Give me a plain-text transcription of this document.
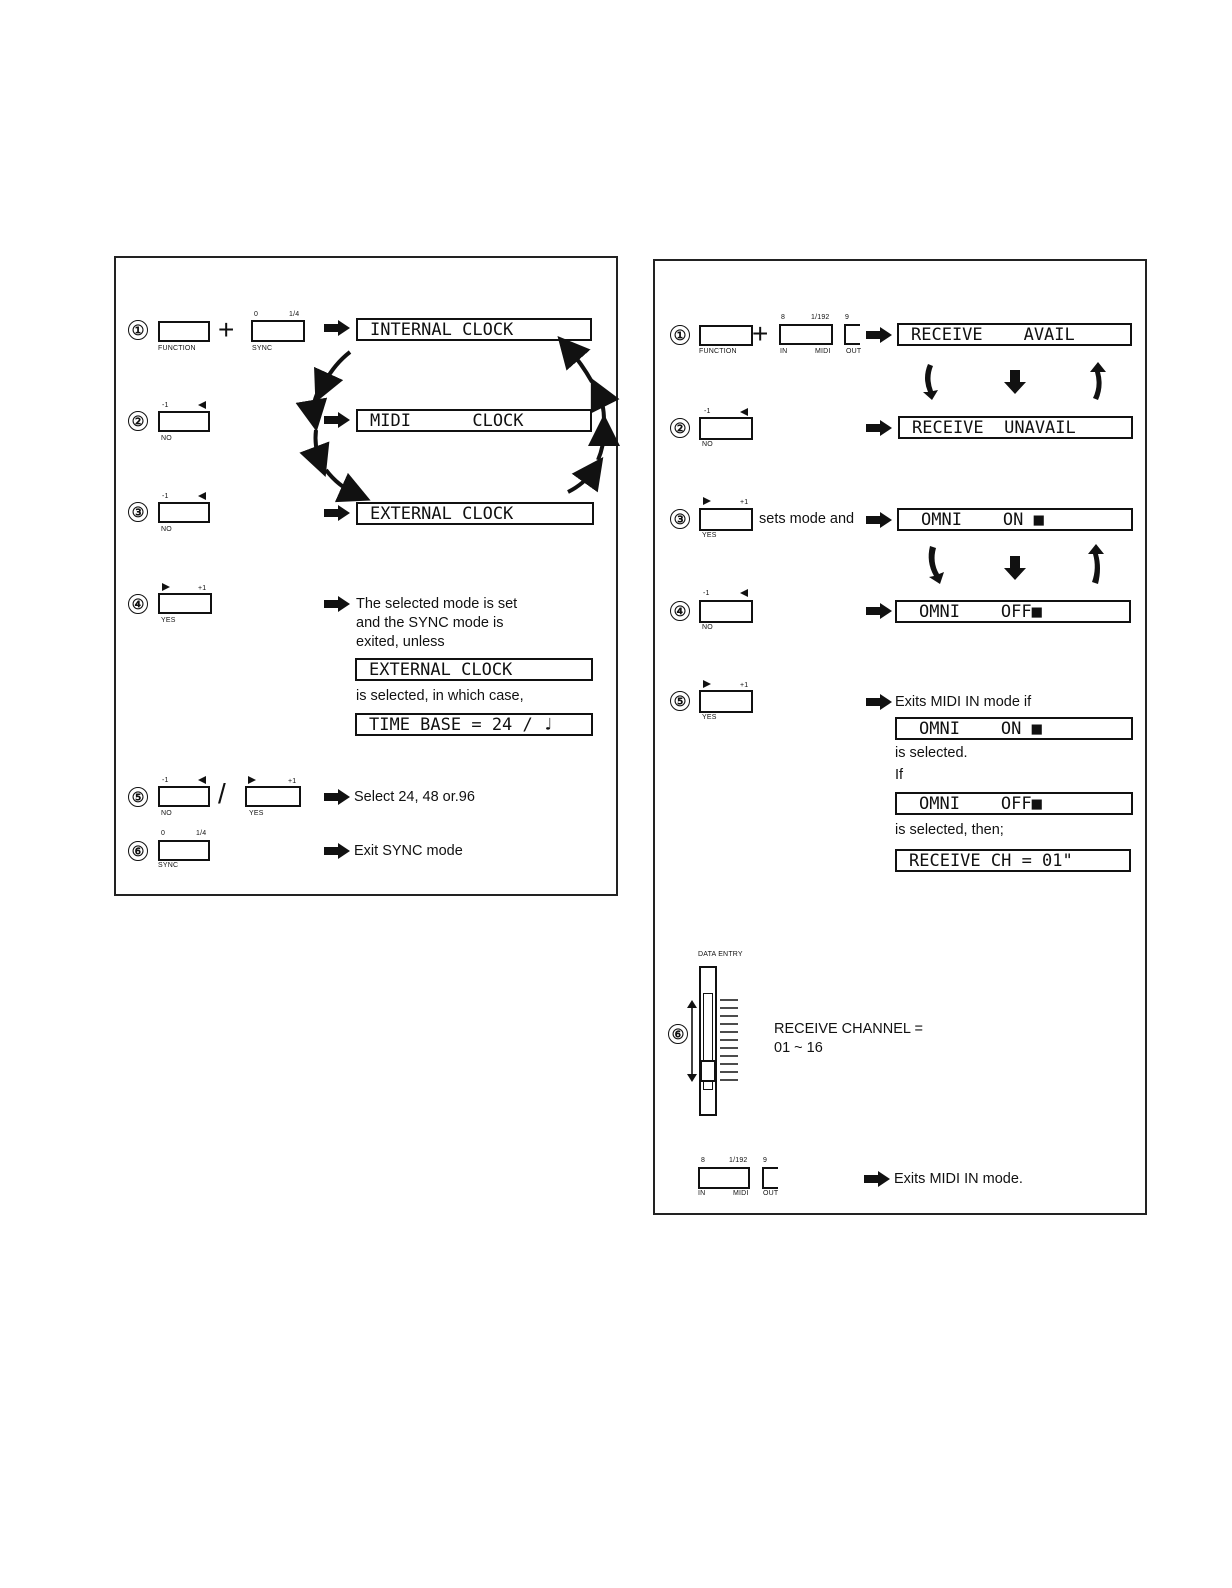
①
FUNCTION
+	0	1/4
SYNC
INTERNAL CLOCK
②
-1
NO
MIDI      CLOCK
③
-1
NO
EXTERNAL CLOCK
④
+1
YES
The selected mode is set
and the SYNC mode is
exited, unless
EXTERNAL CLOCK
is selected, in which case,
TIME BASE = 24 / ♩
⑤
-1
NO
/	+1
YES
Select 24, 48 or.96
⑥
0	1/4
SYNC
Exit SYNC mode
①
FUNCTION
+
8	1/192 9
IN	MIDI OUT
RECEIVE    AVAIL
②
-1
NO
RECEIVE  UNAVAIL
③
+1
YES
sets mode and	OMNI    ON ■
④
-1
NO
OMNI    OFF■
⑤
+1
YES
Exits MIDI IN mode if
OMNI    ON ■
is selected.
If
OMNI    OFF■
is selected, then;
RECEIVE CH = 01"
DATA ENTRY
⑥	RECEIVE CHANNEL =
01 ~ 16
8	1/192 9
IN	MIDI OUT
Exits MIDI IN mode.
